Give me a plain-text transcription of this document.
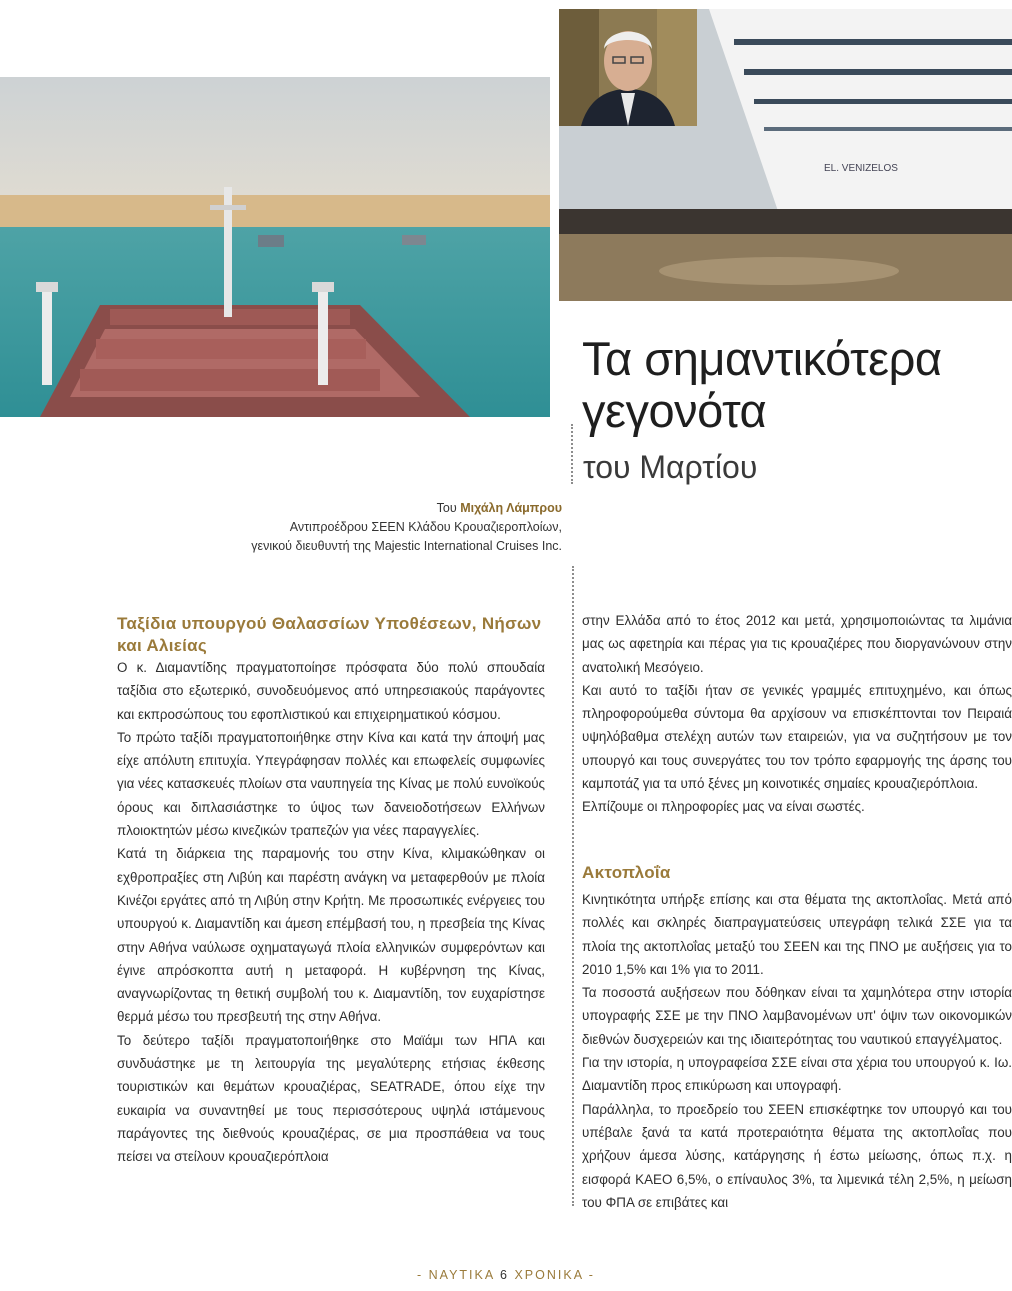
EL. VENIZELOS
Τα σημαντικότερα
γεγονότα
του Μαρτίου
Του Μιχάλη Λάμπρου
Αντιπροέδρου ΣΕΕΝ Κλάδου Κρουαζιεροπλοίων,
γενικού διευθυντή της Majestic International Cruises Inc.
Ταξίδια υπουργού Θαλασσίων Υποθέσεων, Νήσων και Αλιείας

Ο κ. Διαμαντίδης πραγματοποίησε πρόσφατα δύο πολύ σπουδαία ταξίδια στο εξωτερικό, συνοδευόμενος από υπηρεσιακούς παράγοντες και εκπροσώπους του εφοπλιστικού και επιχειρηματικού κόσμου.

Το πρώτο ταξίδι πραγματοποιήθηκε στην Κίνα και κατά την άποψή μας είχε απόλυτη επιτυχία. Υπεγράφησαν πολλές και επωφελείς συμφωνίες για νέες κατασκευές πλοίων στα ναυπηγεία της Κίνας με πολύ ευνοϊκούς όρους και διπλασιάστηκε το ύψος των δανειοδοτήσεων Ελλήνων πλοιοκτητών μέσω κινεζικών τραπεζών για νέες παραγγελίες.

Κατά τη διάρκεια της παραμονής του στην Κίνα, κλιμακώθηκαν οι εχθροπραξίες στη Λιβύη και παρέστη ανάγκη να μεταφερθούν με πλοία Κινέζοι εργάτες από τη Λιβύη στην Κρήτη. Με προσωπικές ενέργειες του υπουργού κ. Διαμαντίδη και άμεση επέμβασή του, η πρεσβεία της Κίνας στην Αθήνα ναύλωσε οχηματαγωγά πλοία ελληνικών συμφερόντων και έγινε απρόσκοπτα αυτή η μεταφορά. Η κυβέρνηση της Κίνας, αναγνωρίζοντας τη θετική συμβολή του κ. Διαμαντίδη, τον ευχαρίστησε θερμά μέσω του πρεσβευτή της στην Αθήνα.

Το δεύτερο ταξίδι πραγματοποιήθηκε στο Μαϊάμι των ΗΠΑ και συνδυάστηκε με τη λειτουργία της μεγαλύτερης ετήσιας έκθεσης τουριστικών και θεμάτων κρουαζιέρας, SEATRADE, όπου είχε την ευκαιρία να συναντηθεί με τους περισσότερους υψηλά ιστάμενους παράγοντες της διεθνούς κρουαζιέρας, σε μια προσπάθεια να τους πείσει να στείλουν κρουαζιερόπλοια

στην Ελλάδα από το έτος 2012 και μετά, χρησιμοποιώντας τα λιμάνια μας ως αφετηρία και πέρας για τις κρουαζιέρες που διοργανώνουν στην ανατολική Μεσόγειο.

Και αυτό το ταξίδι ήταν σε γενικές γραμμές επιτυχημένο, και όπως πληροφορούμεθα σύντομα θα αρχίσουν να επισκέπτονται τον Πειραιά υψηλόβαθμα στελέχη αυτών των εταιρειών, για να συζητήσουν με τον υπουργό και τους συνεργάτες του τον τρόπο εφαρμογής της άρσης του καμποτάζ για τα υπό ξένες μη κοινοτικές σημαίες κρουαζιερόπλοια.

Ελπίζουμε οι πληροφορίες μας να είναι σωστές.

Ακτοπλοΐα

Κινητικότητα υπήρξε επίσης και στα θέματα της ακτοπλοΐας. Μετά από πολλές και σκληρές διαπραγματεύσεις υπεγράφη τελικά ΣΣΕ για τα πλοία της ακτοπλοΐας μεταξύ του ΣΕΕΝ και της ΠΝΟ με αυξήσεις για το 2010 1,5% και 1% για το 2011.

Τα ποσοστά αυξήσεων που δόθηκαν είναι τα χαμηλότερα στην ιστορία υπογραφής ΣΣΕ με την ΠΝΟ λαμβανομένων υπ' όψιν των οικονομικών διεθνών δυσχερειών και της ιδιαιτερότητας του ναυτικού επαγγέλματος.

Για την ιστορία, η υπογραφείσα ΣΣΕ είναι στα χέρια του υπουργού κ. Ιω. Διαμαντίδη προς επικύρωση και υπογραφή.

Παράλληλα, το προεδρείο του ΣΕΕΝ επισκέφτηκε τον υπουργό και του υπέβαλε ξανά τα κατά προτεραιότητα θέματα της ακτοπλοΐας που χρήζουν άμεσα λύσης, κατάργησης ή έστω μείωσης, όπως π.χ. η εισφορά ΚΑΕΟ 6,5%, ο επίναυλος 3%, τα λιμενικά τέλη 2,5%, η μείωση του ΦΠΑ σε επιβάτες και

- ΝΑΥΤΙΚΑ 6 ΧΡΟΝΙΚΑ -
